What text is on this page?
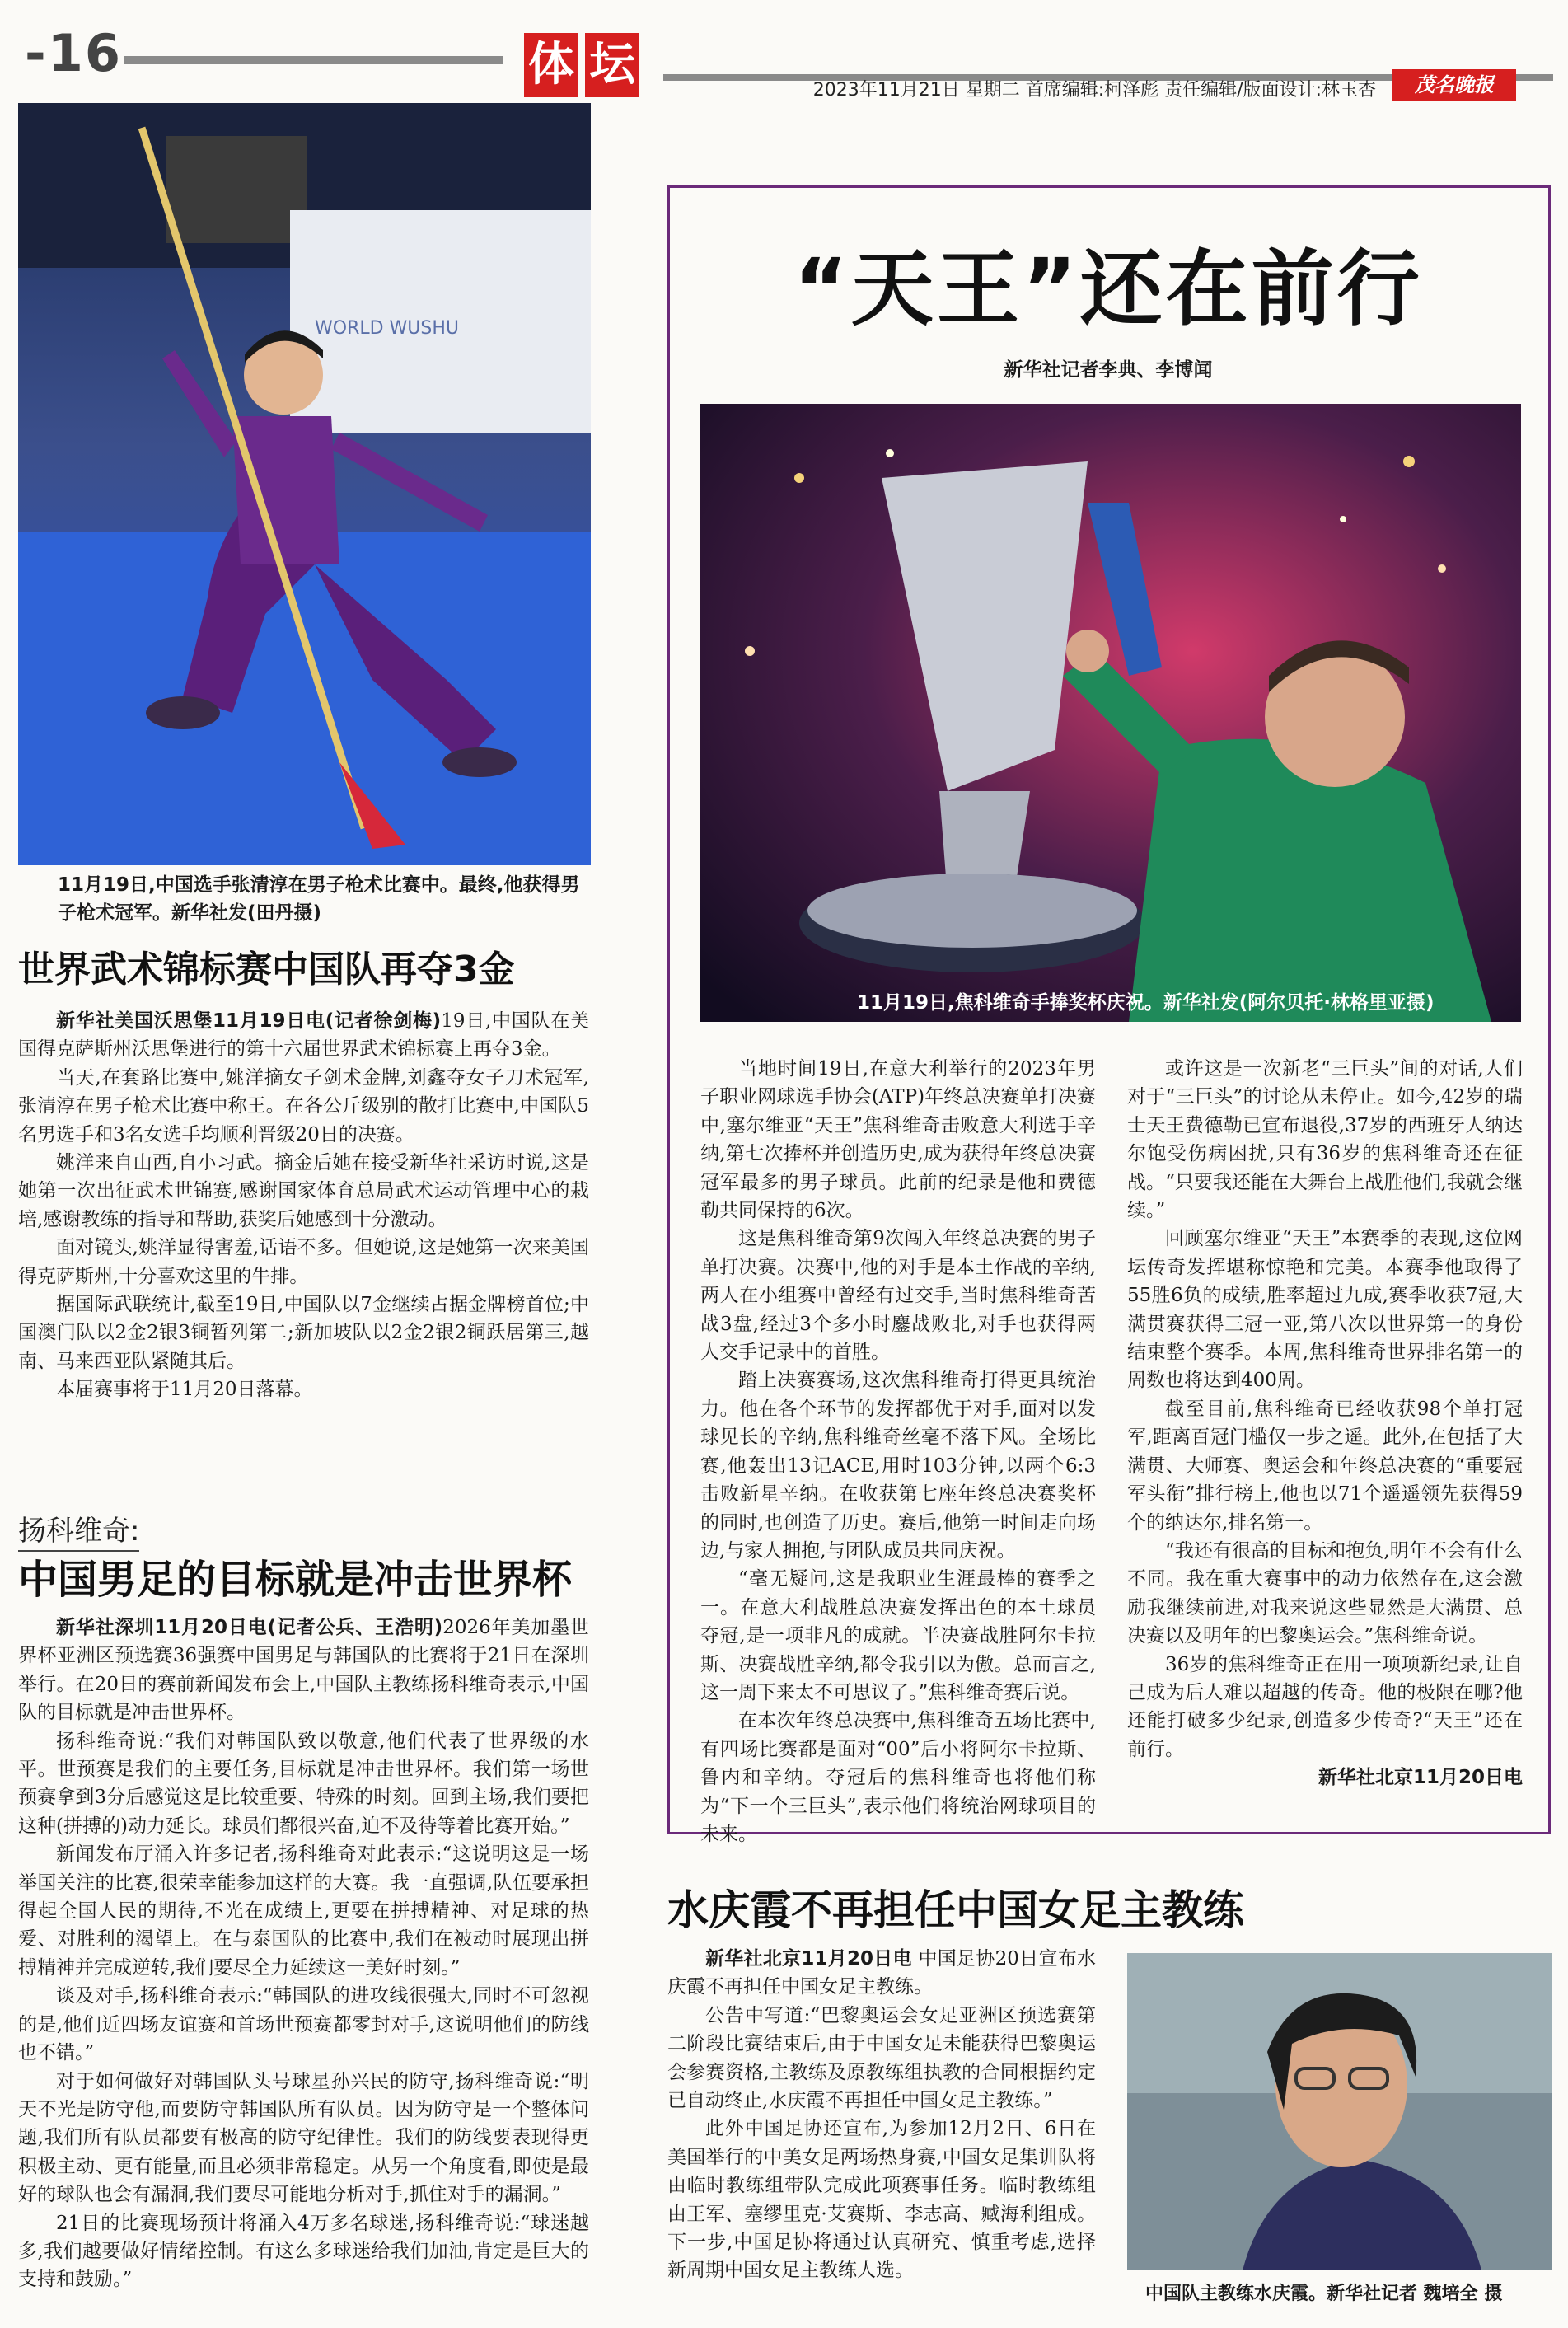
-16	体 坛	2023年11月21日 星期二 首席编辑:柯泽彪 责任编辑/版面设计:林玉杏	茂名晚报
WORLD WUSHU
11月19日,中国选手张清淳在男子枪术比赛中。最终,他获得男子枪术冠军。新华社发(田丹摄)
世界武术锦标赛中国队再夺3金

新华社美国沃思堡11月19日电(记者徐剑梅)19日,中国队在美国得克萨斯州沃思堡进行的第十六届世界武术锦标赛上再夺3金。

当天,在套路比赛中,姚洋摘女子剑术金牌,刘鑫夺女子刀术冠军,张清淳在男子枪术比赛中称王。在各公斤级别的散打比赛中,中国队5名男选手和3名女选手均顺利晋级20日的决赛。

姚洋来自山西,自小习武。摘金后她在接受新华社采访时说,这是她第一次出征武术世锦赛,感谢国家体育总局武术运动管理中心的栽培,感谢教练的指导和帮助,获奖后她感到十分激动。

面对镜头,姚洋显得害羞,话语不多。但她说,这是她第一次来美国得克萨斯州,十分喜欢这里的牛排。

据国际武联统计,截至19日,中国队以7金继续占据金牌榜首位;中国澳门队以2金2银3铜暂列第二;新加坡队以2金2银2铜跃居第三,越南、马来西亚队紧随其后。

本届赛事将于11月20日落幕。

扬科维奇:
中国男足的目标就是冲击世界杯

新华社深圳11月20日电(记者公兵、王浩明)2026年美加墨世界杯亚洲区预选赛36强赛中国男足与韩国队的比赛将于21日在深圳举行。在20日的赛前新闻发布会上,中国队主教练扬科维奇表示,中国队的目标就是冲击世界杯。

扬科维奇说:“我们对韩国队致以敬意,他们代表了世界级的水平。世预赛是我们的主要任务,目标就是冲击世界杯。我们第一场世预赛拿到3分后感觉这是比较重要、特殊的时刻。回到主场,我们要把这种(拼搏的)动力延长。球员们都很兴奋,迫不及待等着比赛开始。”

新闻发布厅涌入许多记者,扬科维奇对此表示:“这说明这是一场举国关注的比赛,很荣幸能参加这样的大赛。我一直强调,队伍要承担得起全国人民的期待,不光在成绩上,更要在拼搏精神、对足球的热爱、对胜利的渴望上。在与泰国队的比赛中,我们在被动时展现出拼搏精神并完成逆转,我们要尽全力延续这一美好时刻。”

谈及对手,扬科维奇表示:“韩国队的进攻线很强大,同时不可忽视的是,他们近四场友谊赛和首场世预赛都零封对手,这说明他们的防线也不错。”

对于如何做好对韩国队头号球星孙兴民的防守,扬科维奇说:“明天不光是防守他,而要防守韩国队所有队员。因为防守是一个整体问题,我们所有队员都要有极高的防守纪律性。我们的防线要表现得更积极主动、更有能量,而且必须非常稳定。从另一个角度看,即使是最好的球队也会有漏洞,我们要尽可能地分析对手,抓住对手的漏洞。”

21日的比赛现场预计将涌入4万多名球迷,扬科维奇说:“球迷越多,我们越要做好情绪控制。有这么多球迷给我们加油,肯定是巨大的支持和鼓励。”

“天王”还在前行
新华社记者李典、李博闻
11月19日,焦科维奇手捧奖杯庆祝。新华社发(阿尔贝托·林格里亚摄)

当地时间19日,在意大利举行的2023年男子职业网球选手协会(ATP)年终总决赛单打决赛中,塞尔维亚“天王”焦科维奇击败意大利选手辛纳,第七次捧杯并创造历史,成为获得年终总决赛冠军最多的男子球员。此前的纪录是他和费德勒共同保持的6次。

这是焦科维奇第9次闯入年终总决赛的男子单打决赛。决赛中,他的对手是本土作战的辛纳,两人在小组赛中曾经有过交手,当时焦科维奇苦战3盘,经过3个多小时鏖战败北,对手也获得两人交手记录中的首胜。

踏上决赛赛场,这次焦科维奇打得更具统治力。他在各个环节的发挥都优于对手,面对以发球见长的辛纳,焦科维奇丝毫不落下风。全场比赛,他轰出13记ACE,用时103分钟,以两个6:3击败新星辛纳。在收获第七座年终总决赛奖杯的同时,也创造了历史。赛后,他第一时间走向场边,与家人拥抱,与团队成员共同庆祝。

“毫无疑问,这是我职业生涯最棒的赛季之一。在意大利战胜总决赛发挥出色的本土球员夺冠,是一项非凡的成就。半决赛战胜阿尔卡拉斯、决赛战胜辛纳,都令我引以为傲。总而言之,这一周下来太不可思议了。”焦科维奇赛后说。

在本次年终总决赛中,焦科维奇五场比赛中,有四场比赛都是面对“00”后小将阿尔卡拉斯、鲁内和辛纳。夺冠后的焦科维奇也将他们称为“下一个三巨头”,表示他们将统治网球项目的未来。

或许这是一次新老“三巨头”间的对话,人们对于“三巨头”的讨论从未停止。如今,42岁的瑞士天王费德勒已宣布退役,37岁的西班牙人纳达尔饱受伤病困扰,只有36岁的焦科维奇还在征战。“只要我还能在大舞台上战胜他们,我就会继续。”

回顾塞尔维亚“天王”本赛季的表现,这位网坛传奇发挥堪称惊艳和完美。本赛季他取得了55胜6负的成绩,胜率超过九成,赛季收获7冠,大满贯赛获得三冠一亚,第八次以世界第一的身份结束整个赛季。本周,焦科维奇世界排名第一的周数也将达到400周。

截至目前,焦科维奇已经收获98个单打冠军,距离百冠门槛仅一步之遥。此外,在包括了大满贯、大师赛、奥运会和年终总决赛的“重要冠军头衔”排行榜上,他也以71个遥遥领先获得59个的纳达尔,排名第一。

“我还有很高的目标和抱负,明年不会有什么不同。我在重大赛事中的动力依然存在,这会激励我继续前进,对我来说这些显然是大满贯、总决赛以及明年的巴黎奥运会。”焦科维奇说。

36岁的焦科维奇正在用一项项新纪录,让自己成为后人难以超越的传奇。他的极限在哪?他还能打破多少纪录,创造多少传奇?“天王”还在前行。

新华社北京11月20日电

水庆霞不再担任中国女足主教练

新华社北京11月20日电 中国足协20日宣布水庆霞不再担任中国女足主教练。

公告中写道:“巴黎奥运会女足亚洲区预选赛第二阶段比赛结束后,由于中国女足未能获得巴黎奥运会参赛资格,主教练及原教练组执教的合同根据约定已自动终止,水庆霞不再担任中国女足主教练。”

此外中国足协还宣布,为参加12月2日、6日在美国举行的中美女足两场热身赛,中国女足集训队将由临时教练组带队完成此项赛事任务。临时教练组由王军、塞缪里克·艾赛斯、李志高、臧海利组成。下一步,中国足协将通过认真研究、慎重考虑,选择新周期中国女足主教练人选。

中国队主教练水庆霞。新华社记者 魏培全 摄
